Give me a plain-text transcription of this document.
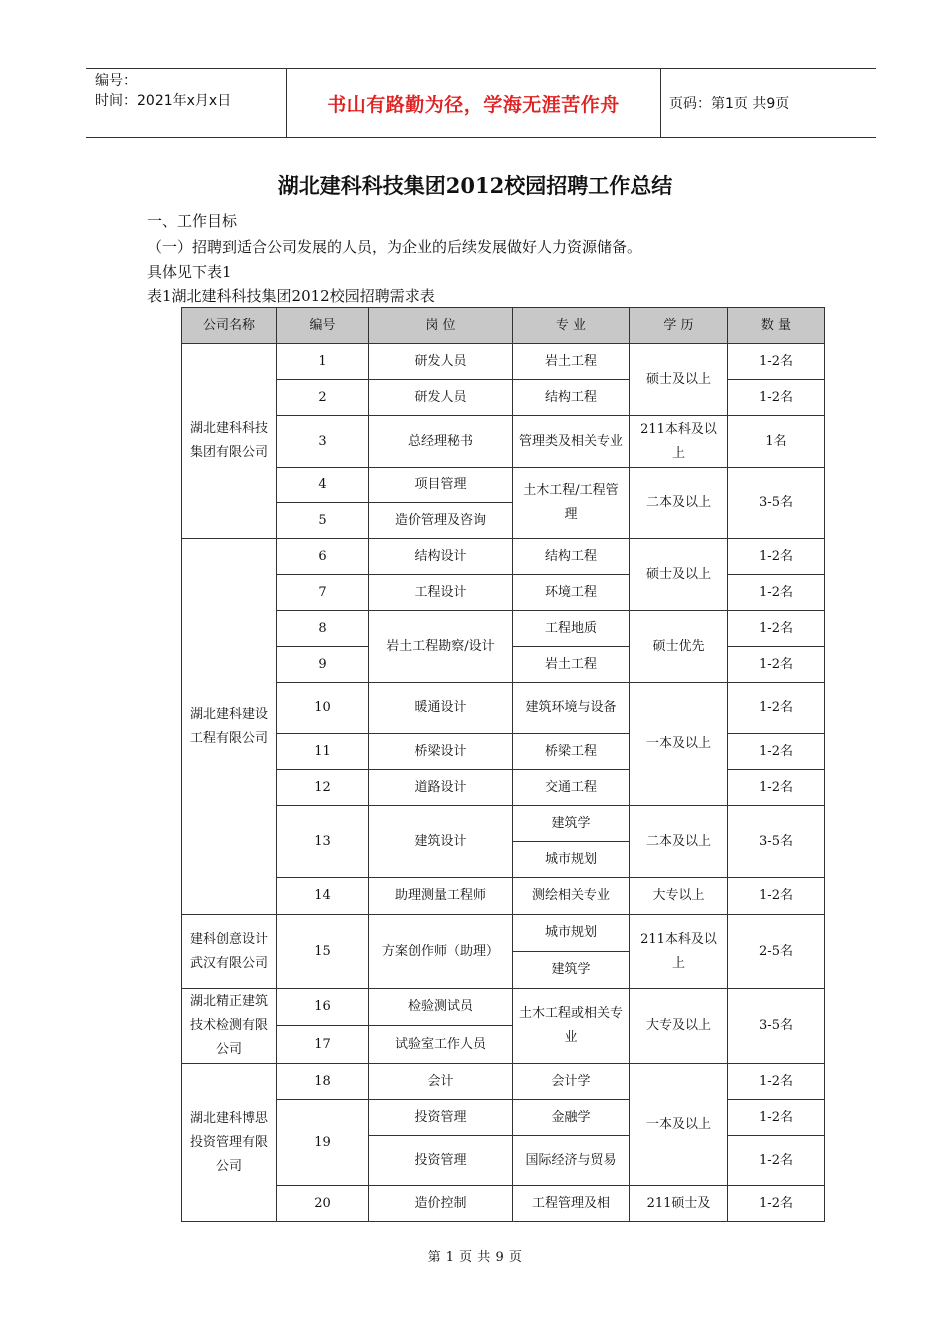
编号：
时间：2021年x月x日	书山有路勤为径，学海无涯苦作舟	页码：第1页 共9页
湖北建科科技集团2012校园招聘工作总结
一、工作目标
（一）招聘到适合公司发展的人员，为企业的后续发展做好人力资源储备。
具体见下表1
表1湖北建科科技集团2012校园招聘需求表
公司名称	编号	岗 位	专 业	学 历	数 量
湖北建科科技集团有限公司	1	研发人员	岩土工程	硕士及以上	1-2名
	2	研发人员	结构工程		1-2名
	3	总经理秘书	管理类及相关专业	211本科及以上	1名
	4	项目管理	土木工程/工程管理	二本及以上	3-5名
	5	造价管理及咨询			
湖北建科建设工程有限公司	6	结构设计	结构工程	硕士及以上	1-2名
	7	工程设计	环境工程		1-2名
	8	岩土工程勘察/设计	工程地质	硕士优先	1-2名
	9		岩土工程		1-2名
	10	暖通设计	建筑环境与设备	一本及以上	1-2名
	11	桥梁设计	桥梁工程		1-2名
	12	道路设计	交通工程		1-2名
	13	建筑设计	建筑学	二本及以上	3-5名
			城市规划		
	14	助理测量工程师	测绘相关专业	大专以上	1-2名
建科创意设计武汉有限公司	15	方案创作师（助理）	城市规划	211本科及以上	2-5名
			建筑学		
湖北精正建筑技术检测有限公司	16	检验测试员	土木工程或相关专业	大专及以上	3-5名
	17	试验室工作人员			
湖北建科博思投资管理有限公司	18	会计	会计学	一本及以上	1-2名
	19	投资管理	金融学		1-2名
		投资管理	国际经济与贸易		1-2名
	20	造价控制	工程管理及相	211硕士及	1-2名
第 1 页 共 9 页
